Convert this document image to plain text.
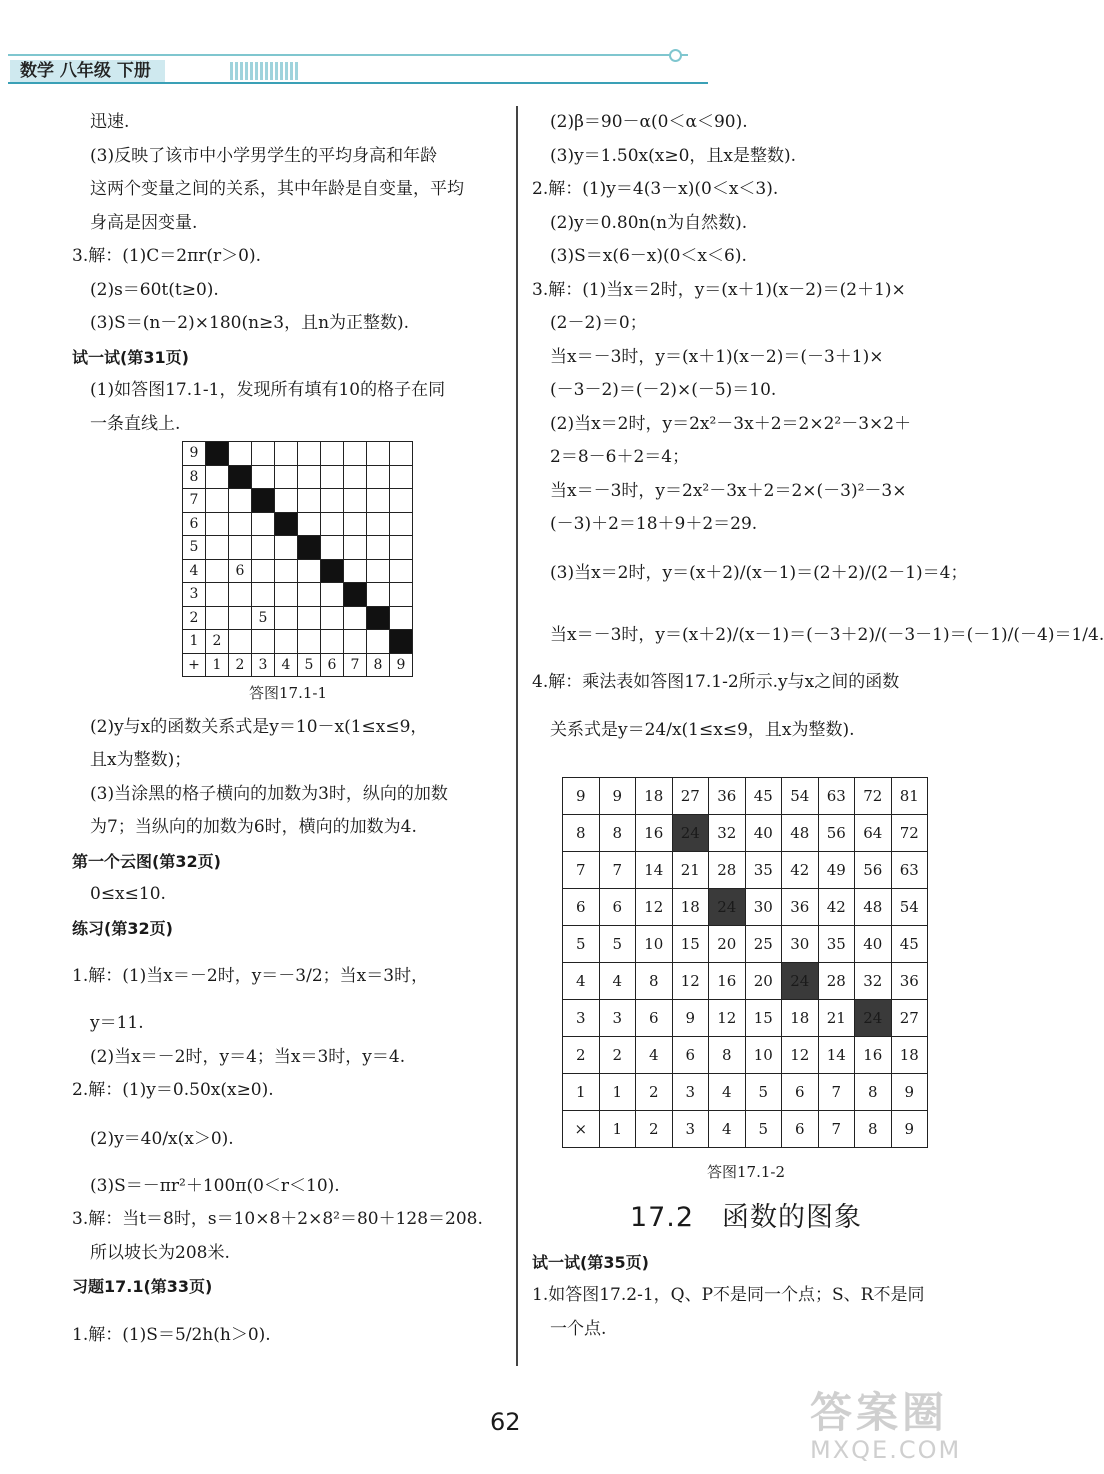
数学 八年级 下册

迅速.

(3)反映了该市中小学男学生的平均身高和年龄

这两个变量之间的关系，其中年龄是自变量，平均

身高是因变量.

3.解：(1)C＝2πr(r＞0).

(2)s＝60t(t≥0).

(3)S＝(n－2)×180(n≥3，且n为正整数).

试一试(第31页)

(1)如答图17.1-1，发现所有填有10的格子在同

一条直线上.

9									
8									
7									
6									
5									
4		6							
3									
2			5						
1	2								
+	1	2	3	4	5	6	7	8	9

答图17.1-1

(2)y与x的函数关系式是y＝10－x(1≤x≤9，

且x为整数)；

(3)当涂黑的格子横向的加数为3时，纵向的加数

为7；当纵向的加数为6时，横向的加数为4.

第一个云图(第32页)

0≤x≤10.

练习(第32页)

1.解：(1)当x＝－2时，y＝－3/2；当x＝3时，

y＝11.

(2)当x＝－2时，y＝4；当x＝3时，y＝4.

2.解：(1)y＝0.50x(x≥0).

(2)y＝40/x(x＞0).

(3)S＝－πr²＋100π(0＜r＜10).

3.解：当t＝8时，s＝10×8＋2×8²＝80＋128＝208.

所以坡长为208米.

习题17.1(第33页)

1.解：(1)S＝5/2h(h＞0).

(2)β＝90－α(0＜α＜90).

(3)y＝1.50x(x≥0，且x是整数).

2.解：(1)y＝4(3－x)(0＜x＜3).

(2)y＝0.80n(n为自然数).

(3)S＝x(6－x)(0＜x＜6).

3.解：(1)当x＝2时，y＝(x＋1)(x－2)＝(2＋1)×

(2－2)＝0；

当x＝－3时，y＝(x＋1)(x－2)＝(－3＋1)×

(－3－2)＝(－2)×(－5)＝10.

(2)当x＝2时，y＝2x²－3x＋2＝2×2²－3×2＋

2＝8－6＋2＝4；

当x＝－3时，y＝2x²－3x＋2＝2×(－3)²－3×

(－3)＋2＝18＋9＋2＝29.

(3)当x＝2时，y＝(x＋2)/(x－1)＝(2＋2)/(2－1)＝4；

当x＝－3时，y＝(x＋2)/(x－1)＝(－3＋2)/(－3－1)＝(－1)/(－4)＝1/4.

4.解：乘法表如答图17.1-2所示.y与x之间的函数

关系式是y＝24/x(1≤x≤9，且x为整数).

9	9	18	27	36	45	54	63	72	81
8	8	16	24	32	40	48	56	64	72
7	7	14	21	28	35	42	49	56	63
6	6	12	18	24	30	36	42	48	54
5	5	10	15	20	25	30	35	40	45
4	4	8	12	16	20	24	28	32	36
3	3	6	9	12	15	18	21	24	27
2	2	4	6	8	10	12	14	16	18
1	1	2	3	4	5	6	7	8	9
×	1	2	3	4	5	6	7	8	9

答图17.1-2

17.2　函数的图象

试一试(第35页)

1.如答图17.2-1，Q、P不是同一个点；S、R不是同

一个点.

62	答案圈
MXQE.COM
